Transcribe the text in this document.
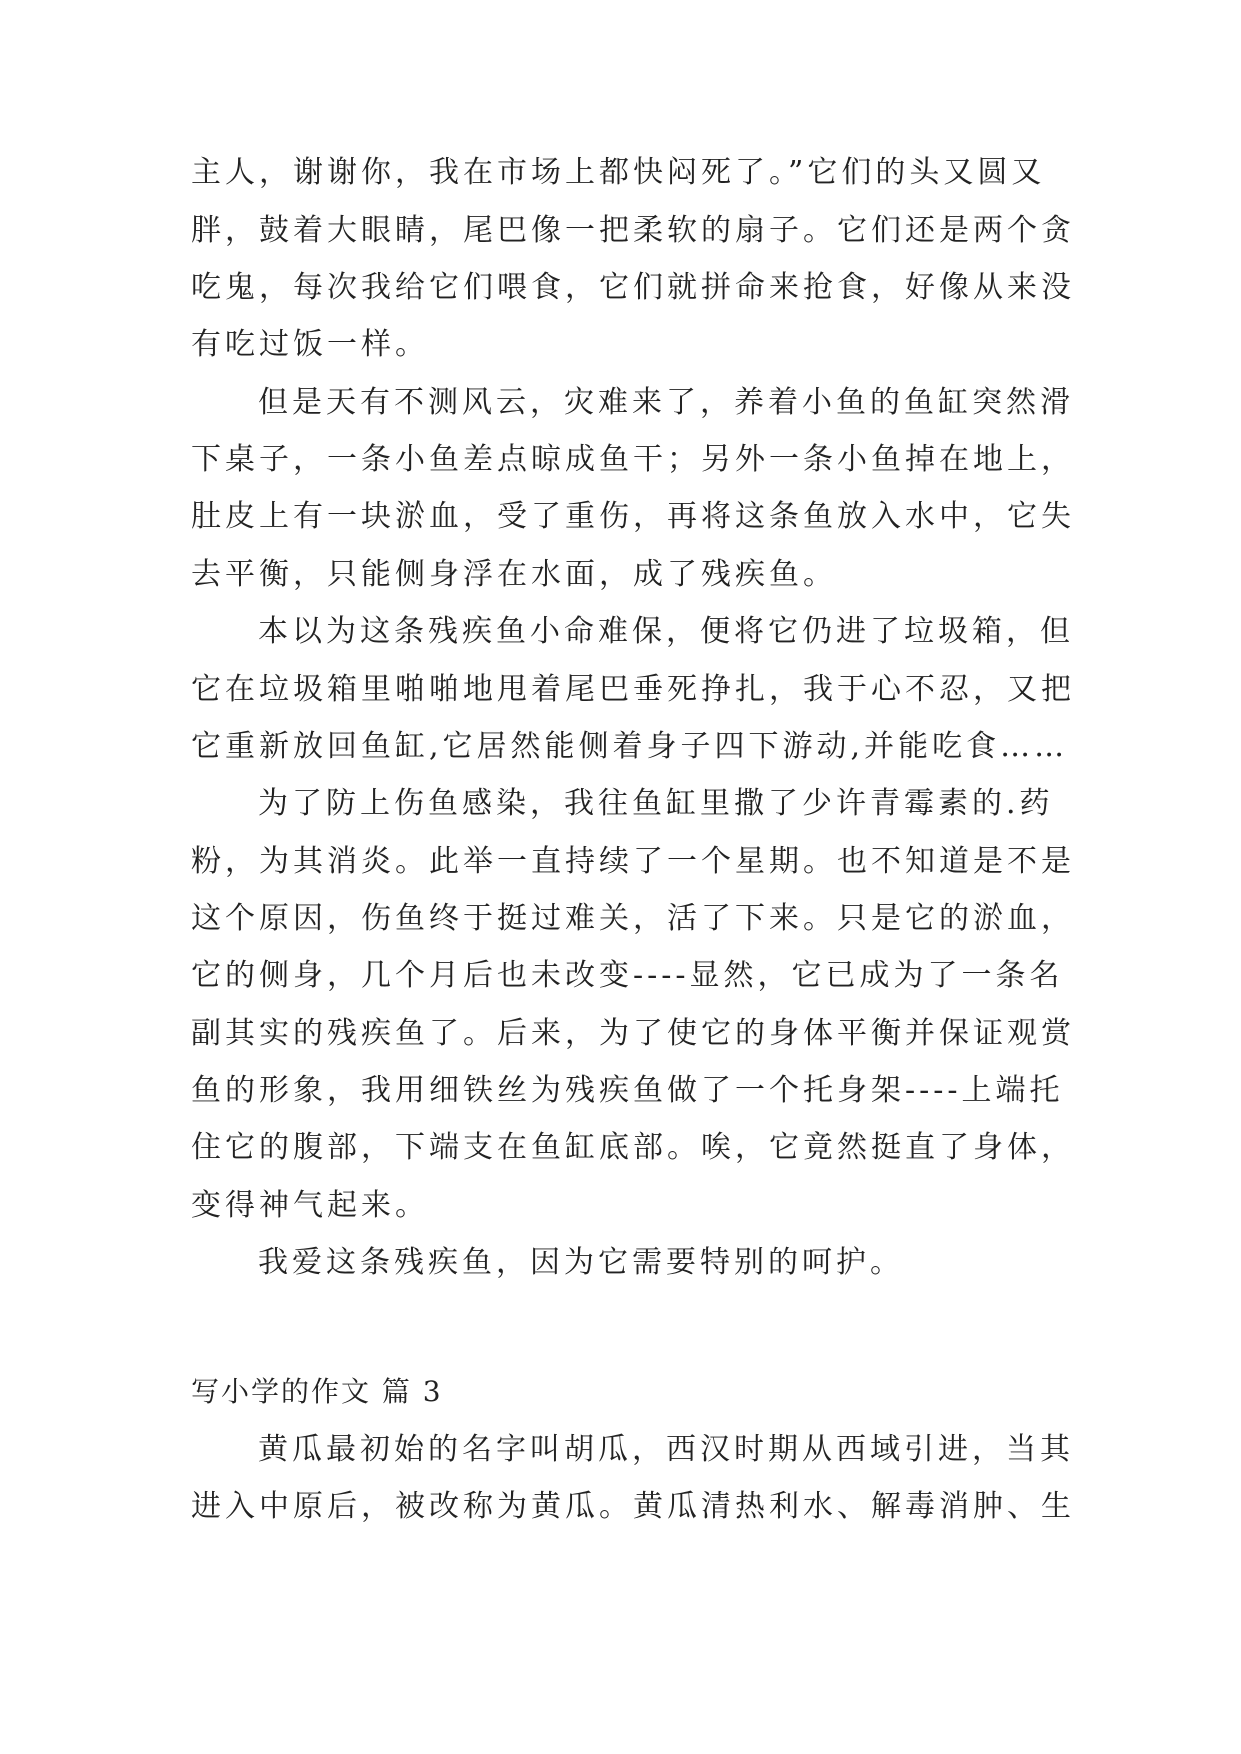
主人，谢谢你，我在市场上都快闷死了。”它们的头又圆又
胖，鼓着大眼睛，尾巴像一把柔软的扇子。它们还是两个贪
吃鬼，每次我给它们喂食，它们就拼命来抢食，好像从来没
有吃过饭一样。
但是天有不测风云，灾难来了，养着小鱼的鱼缸突然滑
下桌子，一条小鱼差点晾成鱼干；另外一条小鱼掉在地上，
肚皮上有一块淤血，受了重伤，再将这条鱼放入水中，它失
去平衡，只能侧身浮在水面，成了残疾鱼。
本以为这条残疾鱼小命难保，便将它仍进了垃圾箱，但
它在垃圾箱里啪啪地甩着尾巴垂死挣扎，我于心不忍，又把
它重新放回鱼缸,它居然能侧着身子四下游动,并能吃食……
为了防上伤鱼感染，我往鱼缸里撒了少许青霉素的.药
粉，为其消炎。此举一直持续了一个星期。也不知道是不是
这个原因，伤鱼终于挺过难关，活了下来。只是它的淤血，
它的侧身，几个月后也未改变----显然，它已成为了一条名
副其实的残疾鱼了。后来，为了使它的身体平衡并保证观赏
鱼的形象，我用细铁丝为残疾鱼做了一个托身架----上端托
住它的腹部，下端支在鱼缸底部。唉，它竟然挺直了身体，
变得神气起来。
我爱这条残疾鱼，因为它需要特别的呵护。
写小学的作文 篇 3
黄瓜最初始的名字叫胡瓜，西汉时期从西域引进，当其
进入中原后，被改称为黄瓜。黄瓜清热利水、解毒消肿、生
